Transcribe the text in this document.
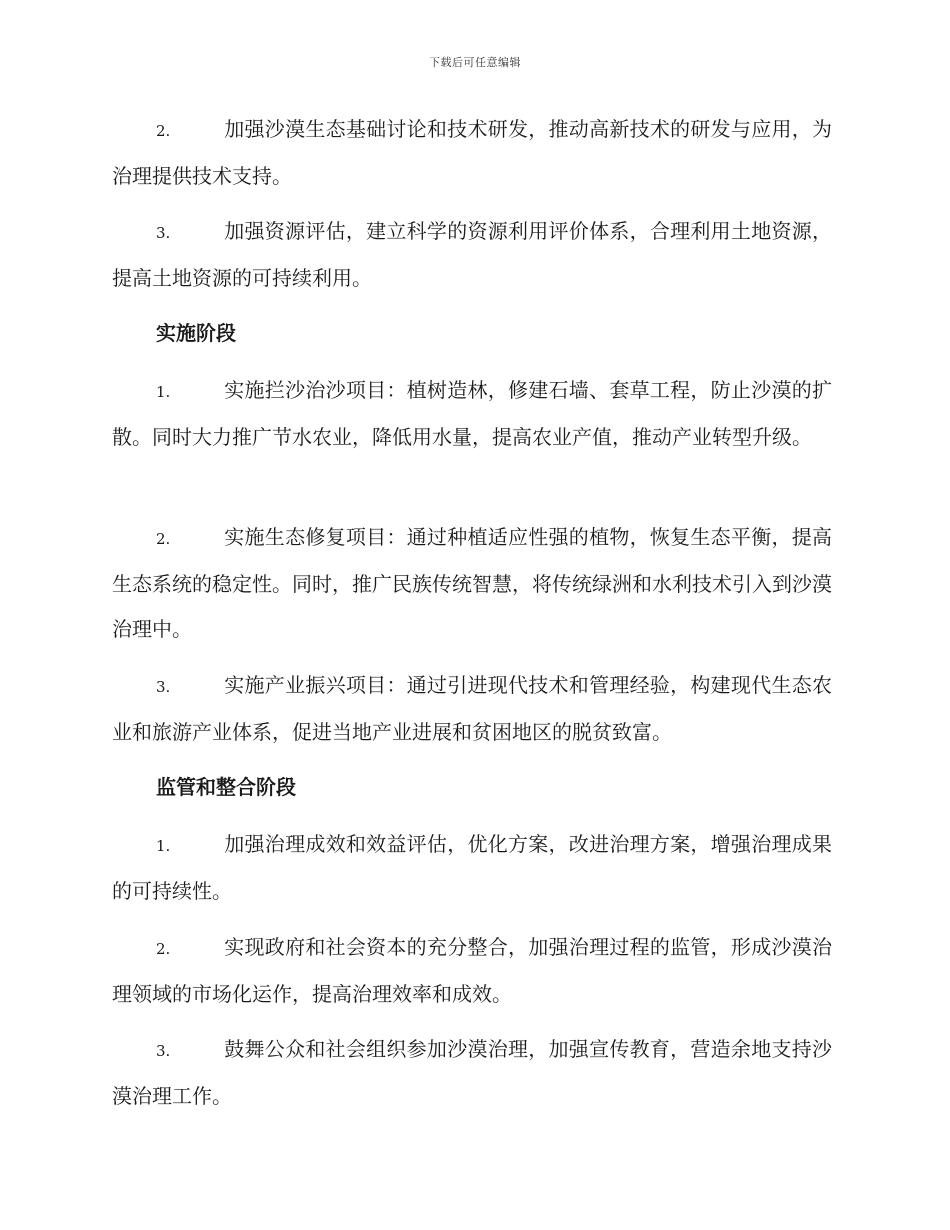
下载后可任意编辑
2.	加强沙漠生态基础讨论和技术研发，推动高新技术的研发与应用，为治理提供技术支持。
3.	加强资源评估，建立科学的资源利用评价体系，合理利用土地资源，提高土地资源的可持续利用。
实施阶段
1.	实施拦沙治沙项目：植树造林，修建石墙、套草工程，防止沙漠的扩散。同时大力推广节水农业，降低用水量，提高农业产值，推动产业转型升级。
2.	实施生态修复项目：通过种植适应性强的植物，恢复生态平衡，提高生态系统的稳定性。同时，推广民族传统智慧，将传统绿洲和水利技术引入到沙漠治理中。
3.	实施产业振兴项目：通过引进现代技术和管理经验，构建现代生态农业和旅游产业体系，促进当地产业进展和贫困地区的脱贫致富。
监管和整合阶段
1.	加强治理成效和效益评估，优化方案，改进治理方案，增强治理成果的可持续性。
2.	实现政府和社会资本的充分整合，加强治理过程的监管，形成沙漠治理领域的市场化运作，提高治理效率和成效。
3.	鼓舞公众和社会组织参加沙漠治理，加强宣传教育，营造余地支持沙漠治理工作。
